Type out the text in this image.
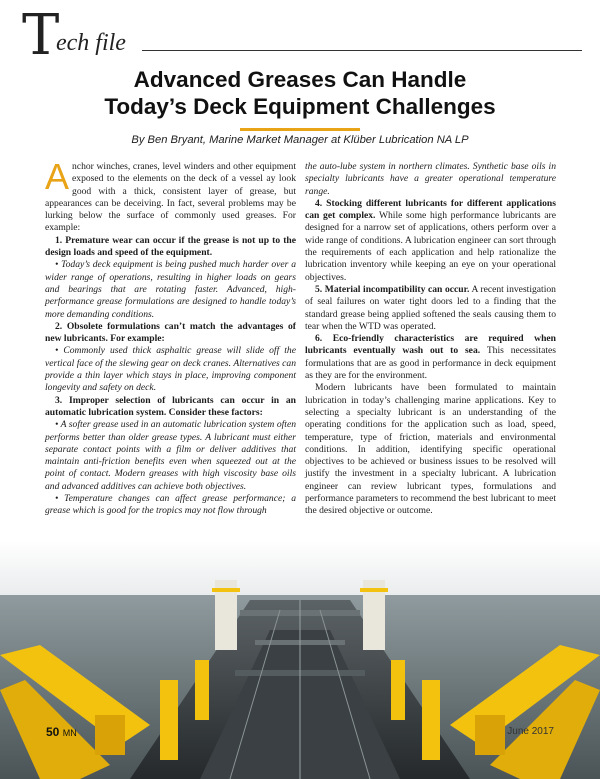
T
ech file
Advanced Greases Can Handle
Today’s Deck Equipment Challenges
By Ben Bryant, Marine Market Manager at Klüber Lubrication NA LP

Anchor winches, cranes, level winders and other equipment exposed to the elements on the deck of a vessel ay look good with a thick, consistent layer of grease, but appearances can be deceiving. In fact, several problems may be lurking below the surface of commonly used greases. For example:

1. Premature wear can occur if the grease is not up to the design loads and speed of the equipment.

• Today’s deck equipment is being pushed much harder over a wider range of operations, resulting in higher loads on gears and bearings that are rotating faster. Advanced, high-performance grease formulations are designed to handle today’s more demanding conditions.

2. Obsolete formulations can’t match the advantages of new lubricants. For example:

• Commonly used thick asphaltic grease will slide off the vertical face of the slewing gear on deck cranes. Alternatives can provide a thin layer which stays in place, improving component longevity and safety on deck.

3. Improper selection of lubricants can occur in an automatic lubrication system. Consider these factors:

• A softer grease used in an automatic lubrication system often performs better than older grease types. A lubricant must either separate contact points with a film or deliver additives that maintain anti-friction benefits even when squeezed out at the point of contact. Modern greases with high viscosity base oils and advanced additives can achieve both objectives.

• Temperature changes can affect grease performance; a grease which is good for the tropics may not flow through

the auto-lube system in northern climates. Synthetic base oils in specialty lubricants have a greater operational temperature range.

4. Stocking different lubricants for different applications can get complex. While some high performance lubricants are designed for a narrow set of applications, others perform over a wide range of conditions. A lubrication engineer can sort through the requirements of each application and help rationalize the lubrication inventory while keeping an eye on your operational objectives.

5. Material incompatibility can occur. A recent investigation of seal failures on water tight doors led to a finding that the standard grease being applied softened the seals causing them to tear when the WTD was operated.

6. Eco-friendly characteristics are required when lubricants eventually wash out to sea. This necessitates formulations that are as good in performance in deck equipment as they are for the environment.

Modern lubricants have been formulated to maintain lubrication in today’s challenging marine applications. Key to selecting a specialty lubricant is an understanding of the operating conditions for the application such as load, speed, temperature, type of friction, materials and environmental conditions. In addition, identifying specific operational objectives to be achieved or business issues to be resolved will justify the investment in a specialty lubricant. A lubrication engineer can review lubricant types, formulations and performance parameters to recommend the best lubricant to meet the desired objective or outcome.

50 MN	June 2017
